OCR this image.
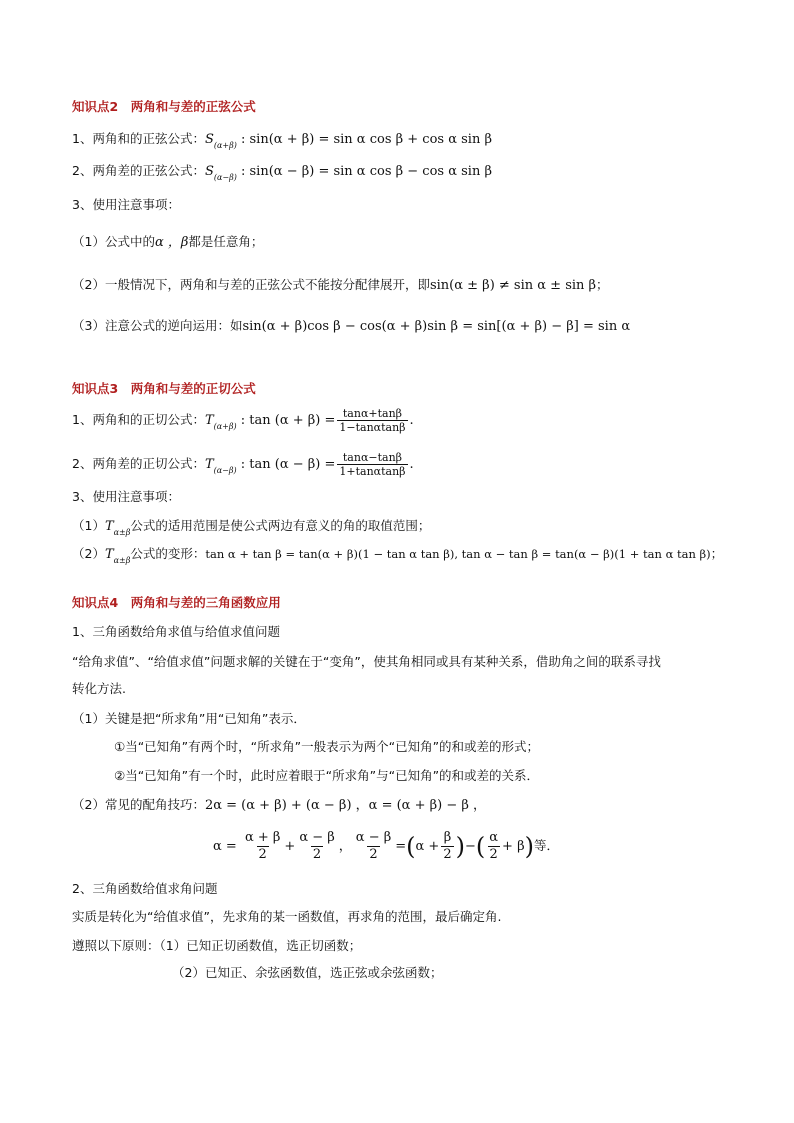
知识点2　两角和与差的正弦公式
1、两角和的正弦公式：$S_{(\alpha+\beta)}$ : sin(α + β) = sin α cos β + cos α sin β
2、两角差的正弦公式：$S_{(\alpha-\beta)}$ : sin(α − β) = sin α cos β − cos α sin β
3、使用注意事项：
（1）公式中的α ，β都是任意角；
（2）一般情况下，两角和与差的正弦公式不能按分配律展开，即sin(α ± β) ≠ sin α ± sin β；
（3）注意公式的逆向运用：如sin(α + β)cos β − cos(α + β)sin β = sin[(α + β) − β] = sin α
知识点3　两角和与差的正切公式
1、两角和的正切公式：$T_{(\alpha+\beta)}$ : $\tan (\alpha + \beta) = \frac{\tan\alpha+\tan\beta}{1-\tan\alpha\tan\beta}$ .
2、两角差的正切公式：$T_{(\alpha-\beta)}$ : $\tan (\alpha - \beta) = \frac{\tan\alpha-\tan\beta}{1+\tan\alpha\tan\beta}$ .
3、使用注意事项：
$(1)T_{\alpha\pm\beta}$公式的适用范围是使公式两边有意义的角的取值范围；
$(2)T_{\alpha\pm\beta}$公式的变形：tan α + tan β = tan(α + β)(1 − tan α tan β), tan α − tan β = tan(α − β)(1 + tan α tan β)；
知识点4　两角和与差的三角函数应用
1、三角函数给角求值与给值求值问题
“给角求值”、“给值求值”问题求解的关键在于“变角”，使其角相同或具有某种关系，借助角之间的联系寻找
转化方法.
（1）关键是把“所求角”用“已知角”表示．
①当“已知角”有两个时，“所求角”一般表示为两个“已知角”的和或差的形式；
②当“已知角”有一个时，此时应着眼于“所求角”与“已知角”的和或差的关系．
（2）常见的配角技巧：2α = (α + β) + (α − β) ，α = (α + β) − β ，
$\alpha = \frac{\alpha + \beta}{2} + \frac{\alpha - \beta}{2}$ ， $\frac{\alpha - \beta}{2} =(\alpha + \frac{\beta}{2}$ )−( $\frac{\alpha}{2} + \beta$)等．
2、三角函数给值求角问题
实质是转化为“给值求值”，先求角的某一函数值，再求角的范围，最后确定角.
遵照以下原则：（1）已知正切函数值，选正切函数；
（2）已知正、余弦函数值，选正弦或余弦函数；
